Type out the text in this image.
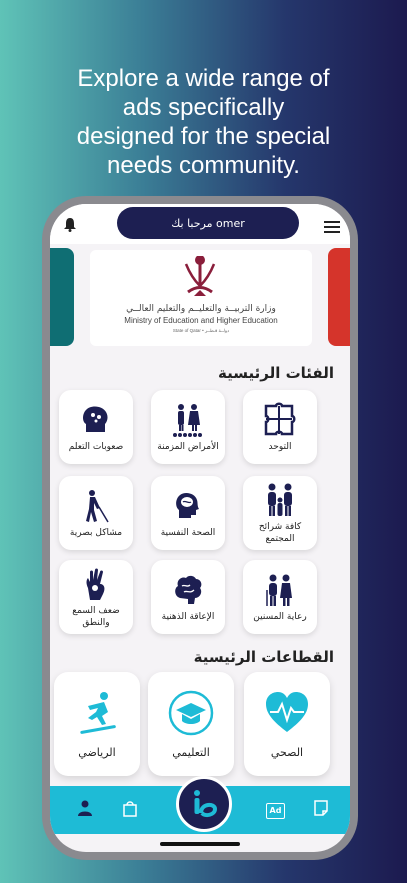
Explore a wide range of
ads specifically
designed for the special
needs community.
مرحبا بك omer
وزارة التربيــة والتعليــم والتعليم العالــي
Ministry of Education and Higher Education
State of Qatar • دولــة قـطــر
الفئات الرئيسية
صعوبات التعلم	الأمراض المزمنة	التوحد
مشاكل بصرية	الصحة النفسية
كافة شرائح المجتمع
ضعف السمع والنطق
الإعاقة الذهنية	رعاية المسنين
القطاعات الرئيسية
الرياضي	التعليمي	الصحي
Ad
